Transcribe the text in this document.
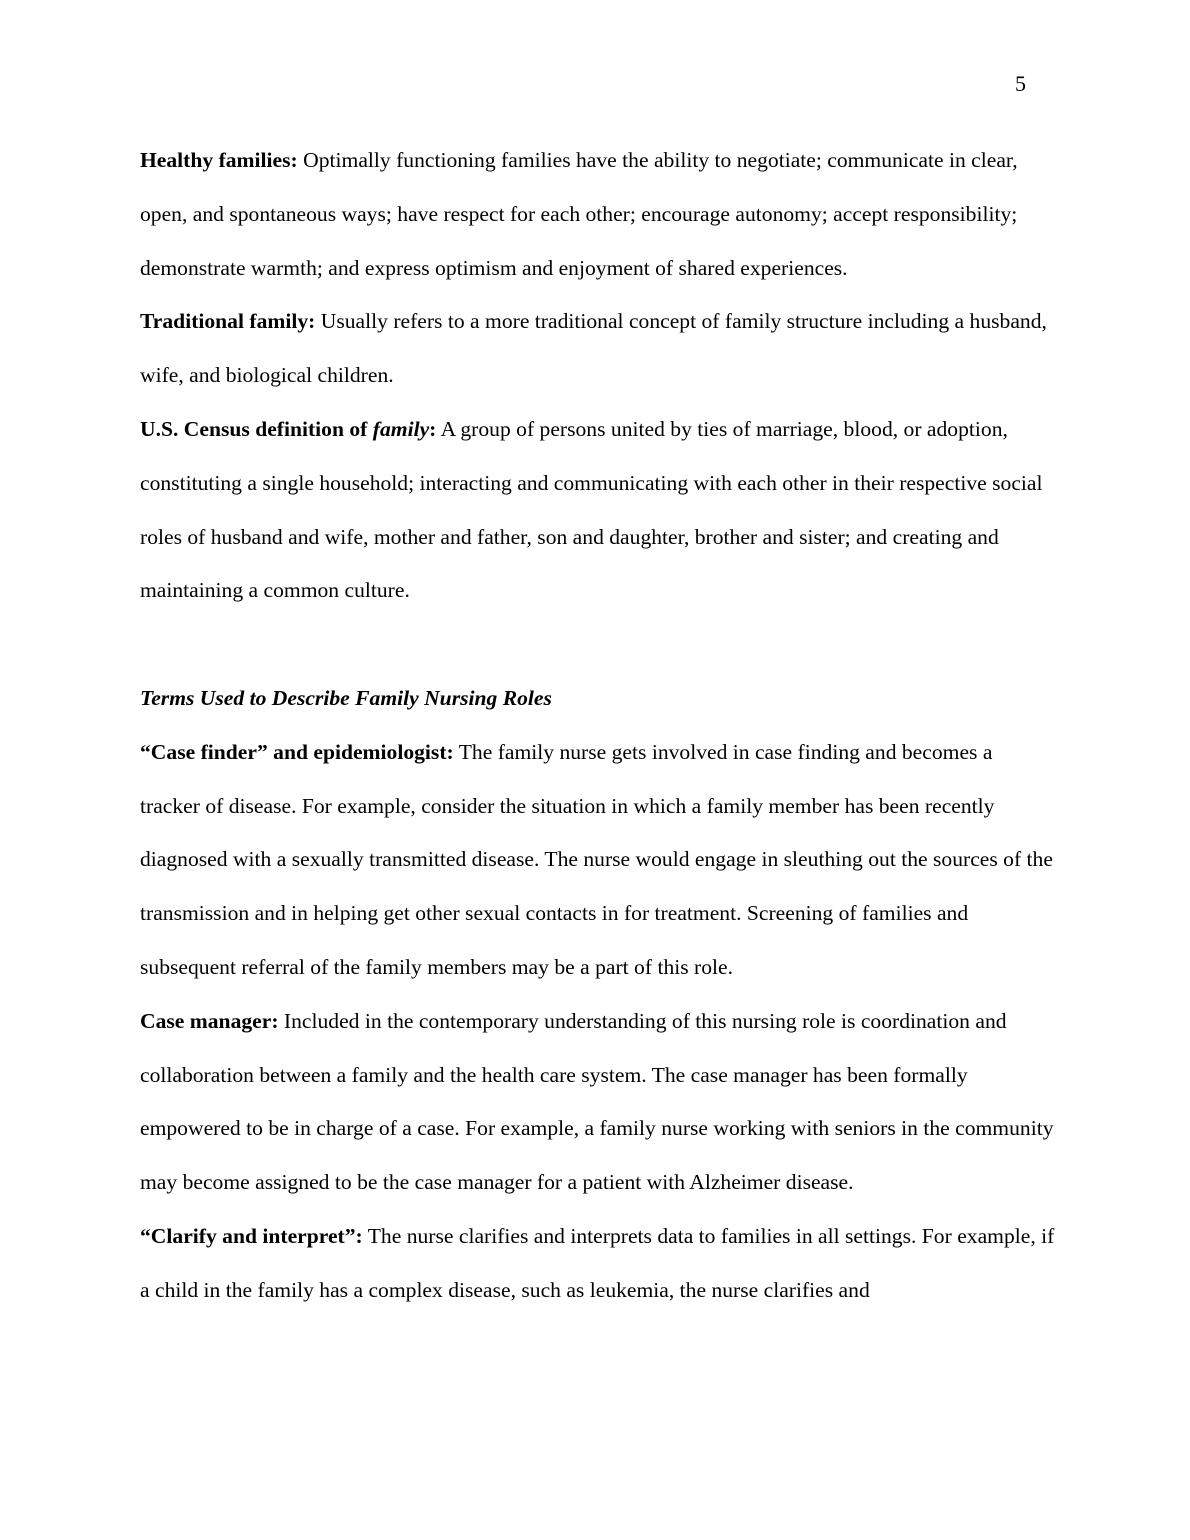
5

Healthy families: Optimally functioning families have the ability to negotiate; communicate in clear, open, and spontaneous ways; have respect for each other; encourage autonomy; accept responsibility; demonstrate warmth; and express optimism and enjoyment of shared experiences.

Traditional family: Usually refers to a more traditional concept of family structure including a husband, wife, and biological children.

U.S. Census definition of family: A group of persons united by ties of marriage, blood, or adoption, constituting a single household; interacting and communicating with each other in their respective social roles of husband and wife, mother and father, son and daughter, brother and sister; and creating and maintaining a common culture.

Terms Used to Describe Family Nursing Roles

“Case finder” and epidemiologist: The family nurse gets involved in case finding and becomes a tracker of disease. For example, consider the situation in which a family member has been recently diagnosed with a sexually transmitted disease. The nurse would engage in sleuthing out the sources of the transmission and in helping get other sexual contacts in for treatment. Screening of families and subsequent referral of the family members may be a part of this role.

Case manager: Included in the contemporary understanding of this nursing role is coordination and collaboration between a family and the health care system. The case manager has been formally empowered to be in charge of a case. For example, a family nurse working with seniors in the community may become assigned to be the case manager for a patient with Alzheimer disease.

“Clarify and interpret”: The nurse clarifies and interprets data to families in all settings. For example, if a child in the family has a complex disease, such as leukemia, the nurse clarifies and
